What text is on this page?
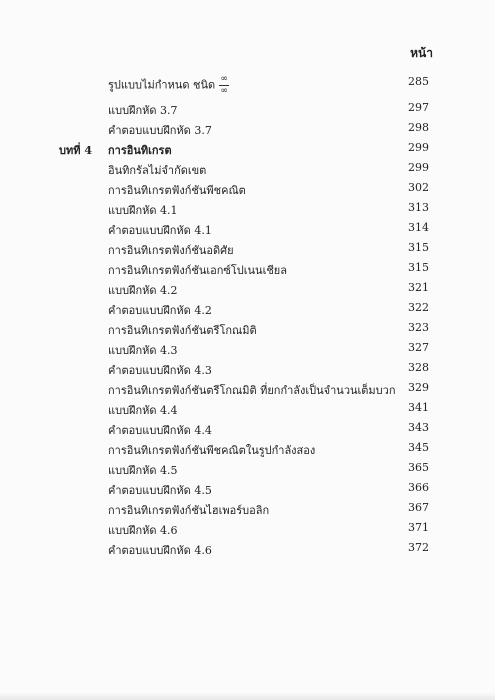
หน้า
รูปแบบไม่กำหนด ชนิด $\frac{\infty}{\infty}$	285
แบบฝึกหัด 3.7	297
คำตอบแบบฝึกหัด 3.7	298
บทที่ 4 การอินทิเกรต	299
อินทิกรัลไม่จำกัดเขต	299
การอินทิเกรตฟังก์ชันพีชคณิต	302
แบบฝึกหัด 4.1	313
คำตอบแบบฝึกหัด 4.1	314
การอินทิเกรตฟังก์ชันอดิศัย	315
การอินทิเกรตฟังก์ชันเอกซ์โปเนนเชียล	315
แบบฝึกหัด 4.2	321
คำตอบแบบฝึกหัด 4.2	322
การอินทิเกรตฟังก์ชันตรีโกณมิติ	323
แบบฝึกหัด 4.3	327
คำตอบแบบฝึกหัด 4.3	328
การอินทิเกรตฟังก์ชันตรีโกณมิติ ที่ยกกำลังเป็นจำนวนเต็มบวก 329
แบบฝึกหัด 4.4	341
คำตอบแบบฝึกหัด 4.4	343
การอินทิเกรตฟังก์ชันพีชคณิตในรูปกำลังสอง	345
แบบฝึกหัด 4.5	365
คำตอบแบบฝึกหัด 4.5	366
การอินทิเกรตฟังก์ชันไฮเพอร์บอลิก	367
แบบฝึกหัด 4.6	371
คำตอบแบบฝึกหัด 4.6	372
